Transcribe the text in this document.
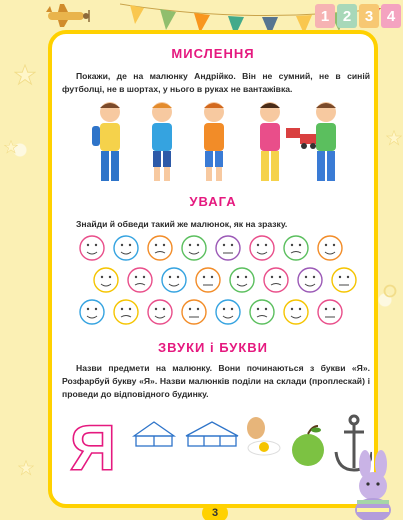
1 2 3 4
МИСЛЕННЯ
Покажи, де на малюнку Андрійко. Він не сумний, не в синій футболці, не в шортах, у нього в руках не вантажівка.
УВАГА
Знайди й обведи такий же малюнок, як на зразку.
ЗВУКИ і БУКВИ
Назви предмети на малюнку. Вони починаються з букви «Я». Розфарбуй букву «Я». Назви малюнків поділи на склади (проплескай) і проведи до відповідного будинку.
Я
3
